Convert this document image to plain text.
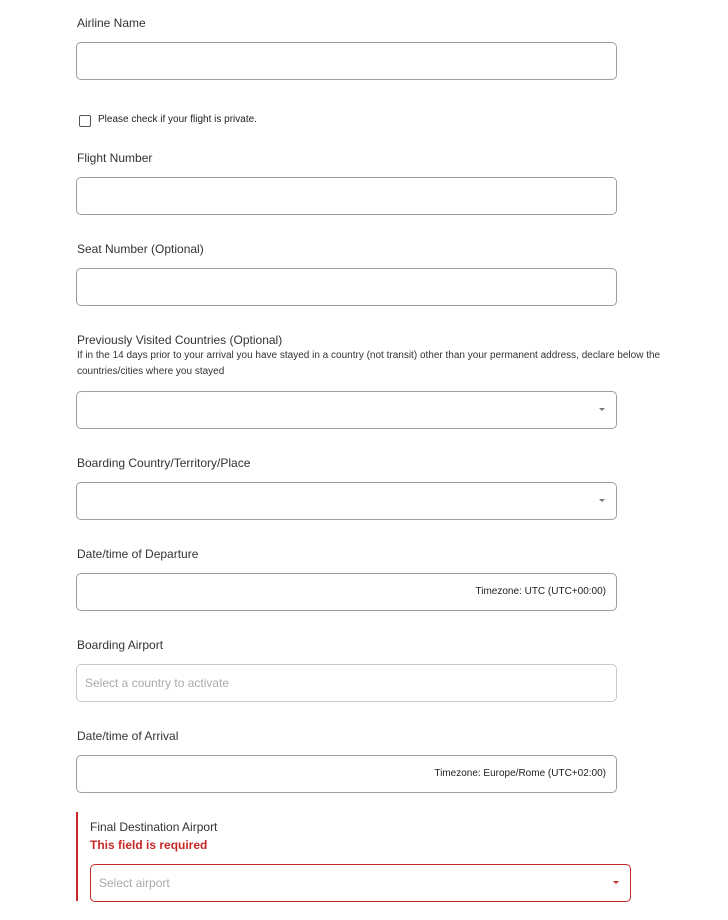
Airline Name
Please check if your flight is private.
Flight Number
Seat Number (Optional)
Previously Visited Countries (Optional)
If in the 14 days prior to your arrival you have stayed in a country (not transit) other than your permanent address, declare below the countries/cities where you stayed
Boarding Country/Territory/Place
Date/time of Departure
Timezone: UTC (UTC+00:00)
Boarding Airport
Select a country to activate
Date/time of Arrival
Timezone: Europe/Rome (UTC+02:00)
Final Destination Airport
This field is required
Select airport
